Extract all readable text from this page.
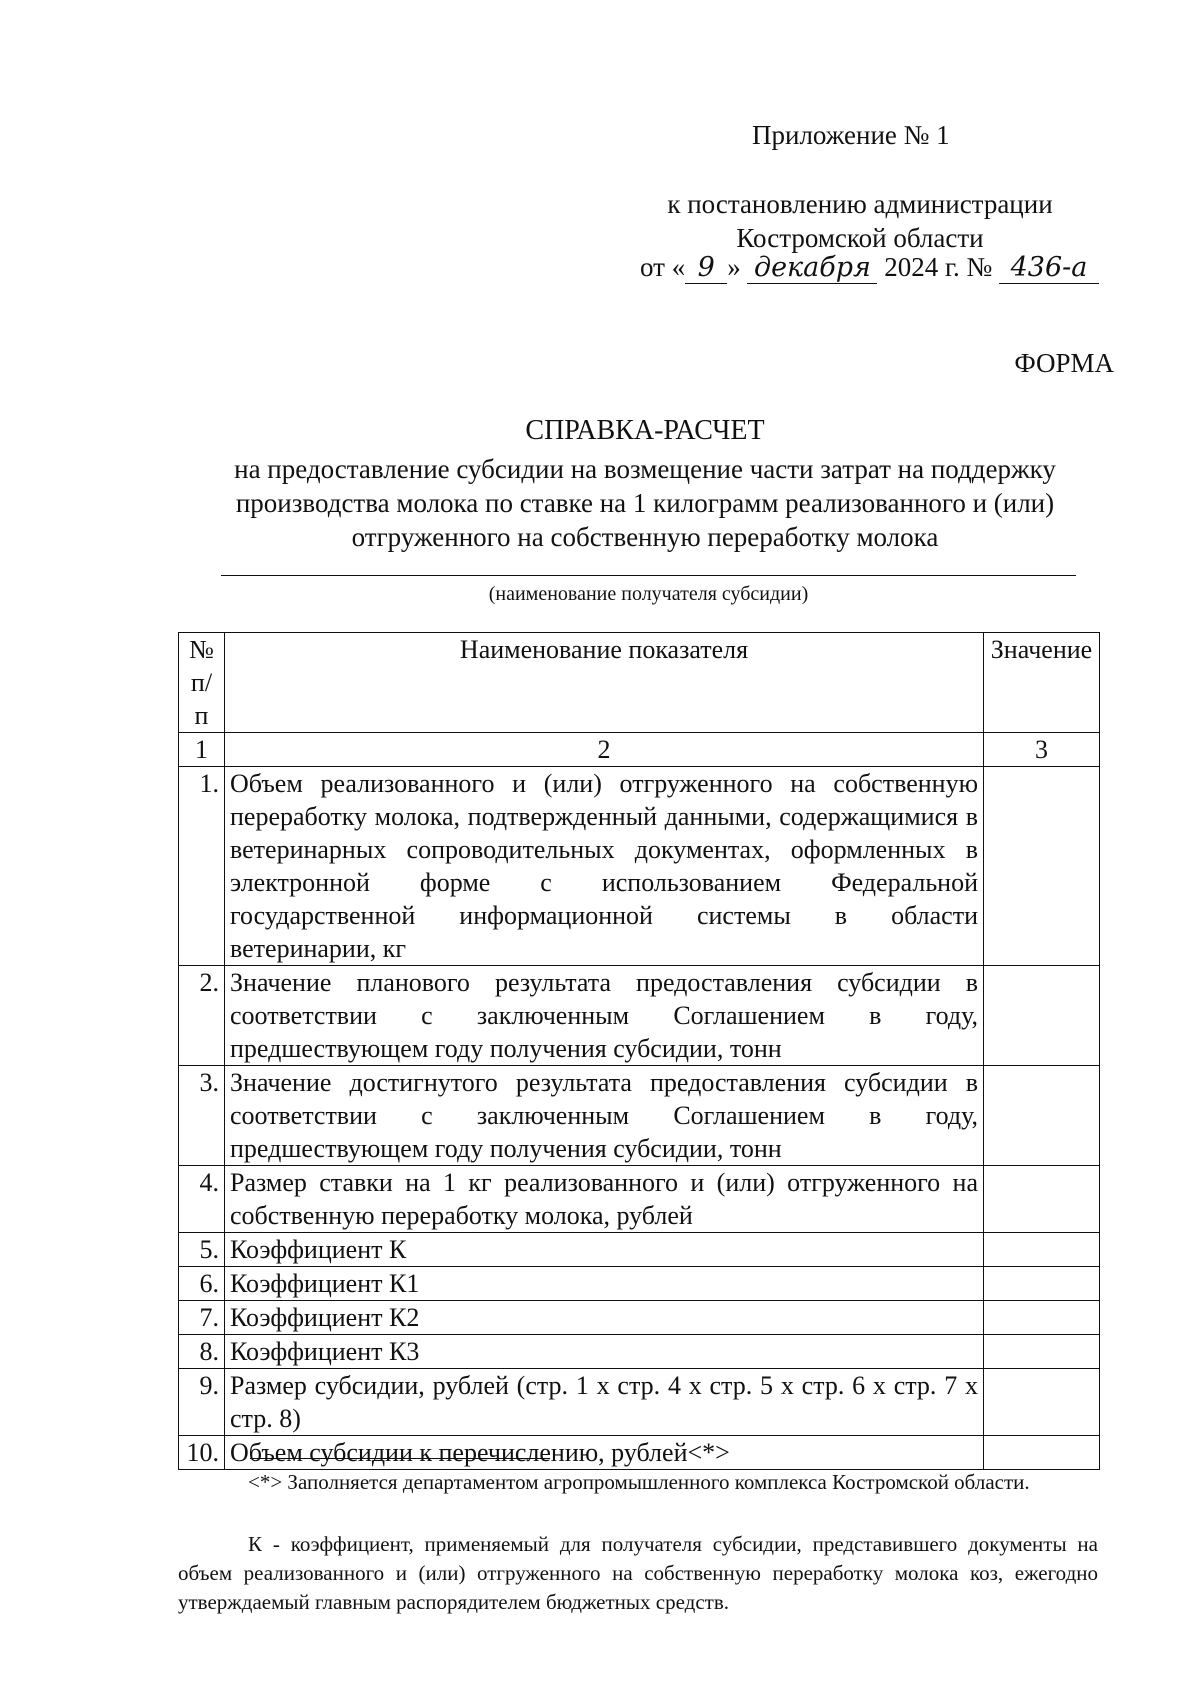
Приложение № 1
к постановлению администрации
Костромской области
от « 9 » декабря 2024 г. № 436-а
ФОРМА
СПРАВКА-РАСЧЕТ
на предоставление субсидии на возмещение части затрат на поддержку производства молока по ставке на 1 килограмм реализованного и (или) отгруженного на собственную переработку молока
(наименование получателя субсидии)
№ п/п	Наименование показателя	Значение
1	2	3
1.	Объем реализованного и (или) отгруженного на собственную переработку молока, подтвержденный данными, содержащимися в ветеринарных сопроводительных документах, оформленных в электронной форме с использованием Федеральной государственной информационной системы в области ветеринарии, кг	
2.	Значение планового результата предоставления субсидии в соответствии с заключенным Соглашением в году, предшествующем году получения субсидии, тонн	
3.	Значение достигнутого результата предоставления субсидии в соответствии с заключенным Соглашением в году, предшествующем году получения субсидии, тонн	
4.	Размер ставки на 1 кг реализованного и (или) отгруженного на собственную переработку молока, рублей	
5.	Коэффициент К	
6.	Коэффициент К1	
7.	Коэффициент К2	
8.	Коэффициент К3	
9.	Размер субсидии, рублей (стр. 1 х стр. 4 х стр. 5 х стр. 6 х стр. 7 х стр. 8)	
10.	Объем субсидии к перечислению, рублей<*>	
<*> Заполняется департаментом агропромышленного комплекса Костромской области.
К - коэффициент, применяемый для получателя субсидии, представившего документы на объем реализованного и (или) отгруженного на собственную переработку молока коз, ежегодно утверждаемый главным распорядителем бюджетных средств.
